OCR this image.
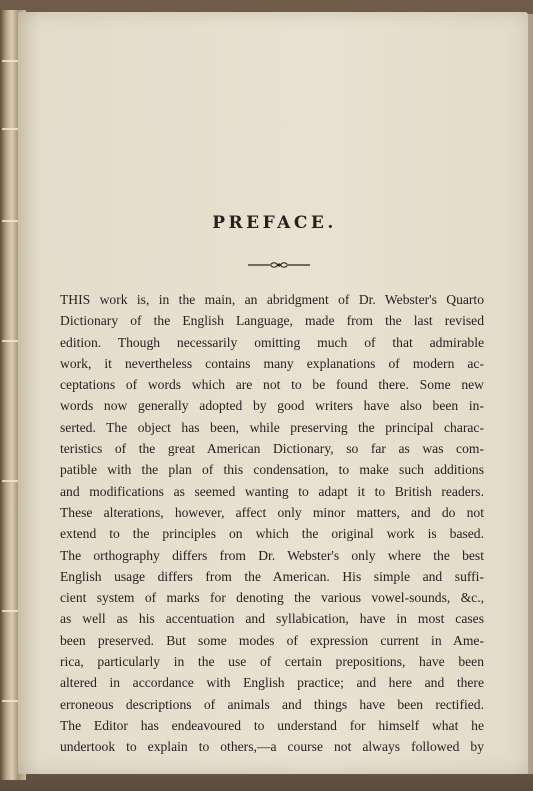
PREFACE.
THIS work is, in the main, an abridgment of Dr. Webster's Quarto
Dictionary of the English Language, made from the last revised
edition. Though necessarily omitting much of that admirable
work, it nevertheless contains many explanations of modern ac-
ceptations of words which are not to be found there. Some new
words now generally adopted by good writers have also been in-
serted. The object has been, while preserving the principal charac-
teristics of the great American Dictionary, so far as was com-
patible with the plan of this condensation, to make such additions
and modifications as seemed wanting to adapt it to British readers.
These alterations, however, affect only minor matters, and do not
extend to the principles on which the original work is based.
The orthography differs from Dr. Webster's only where the best
English usage differs from the American. His simple and suffi-
cient system of marks for denoting the various vowel-sounds, &c.,
as well as his accentuation and syllabication, have in most cases
been preserved. But some modes of expression current in Ame-
rica, particularly in the use of certain prepositions, have been
altered in accordance with English practice; and here and there
erroneous descriptions of animals and things have been rectified.
The Editor has endeavoured to understand for himself what he
undertook to explain to others,—a course not always followed by
